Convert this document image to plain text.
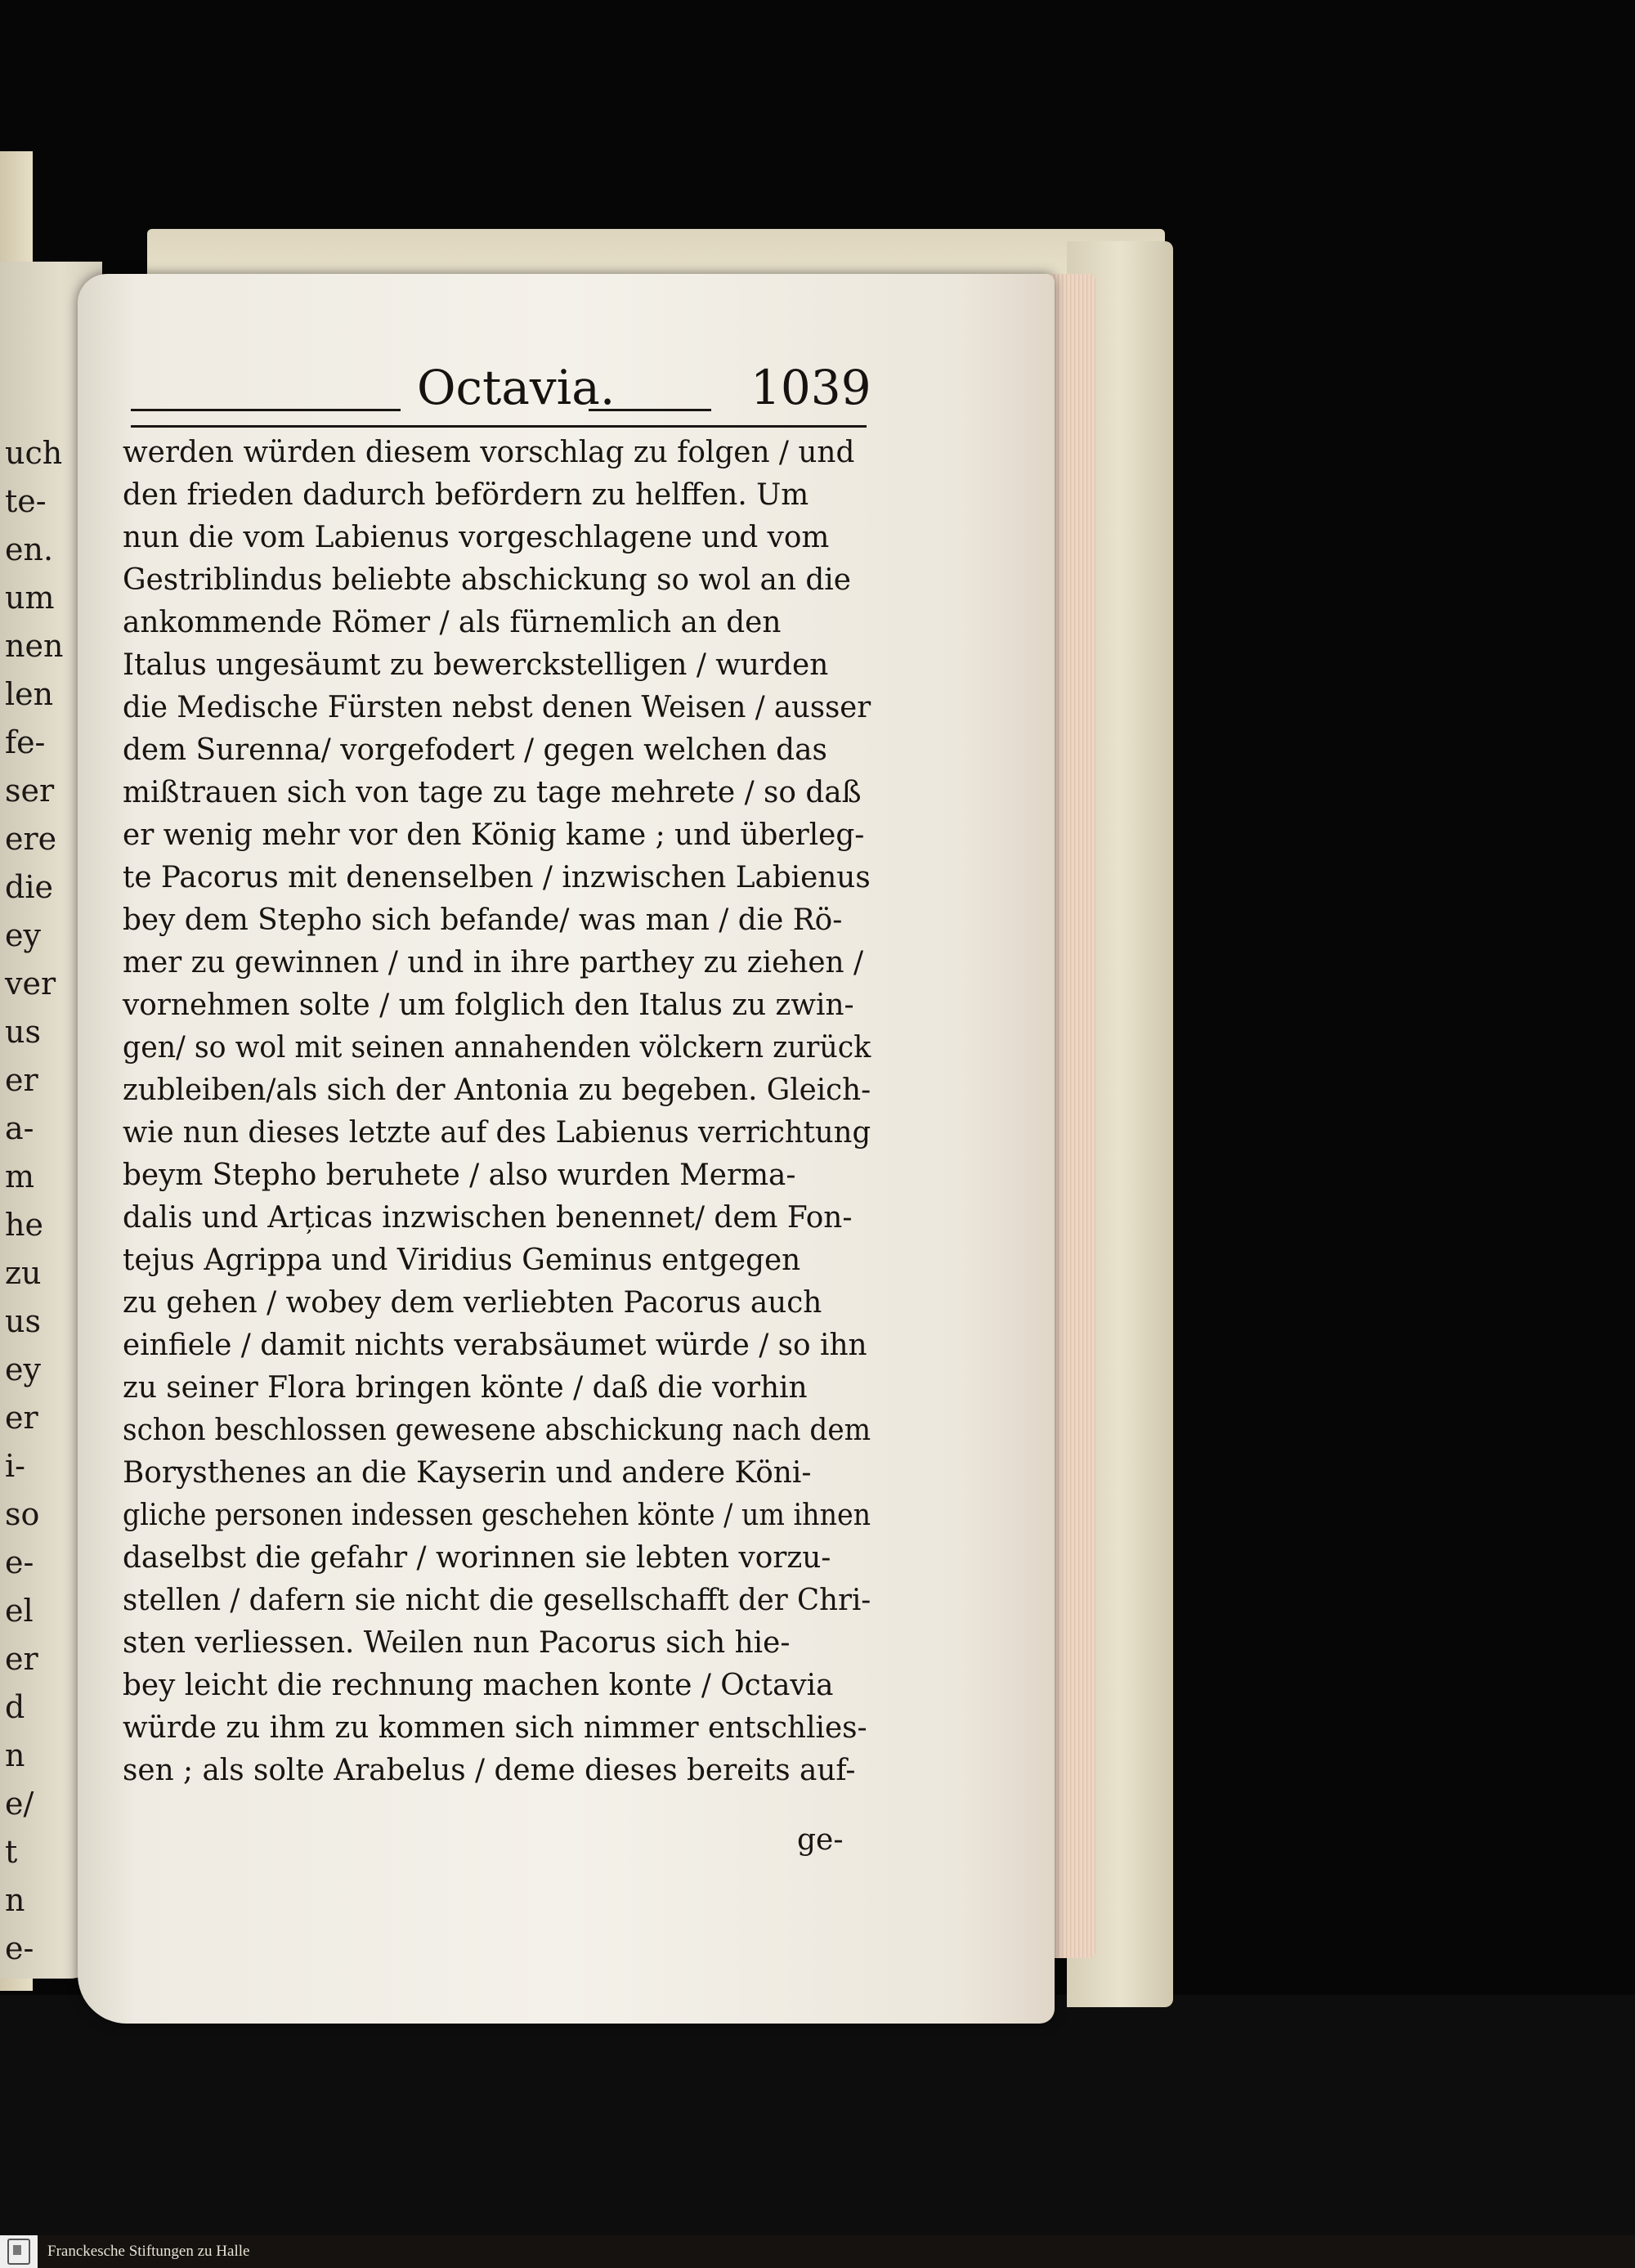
uch
te-
en.
um
nen
len
fe-
ser
ere
die
ey
ver
us
er
a-
m
he
zu
us
ey
er
i-
so
e-
el
er
d
n
e/
t
n
e-
Octavia.	1039
werden würden diesem vorschlag zu folgen / und
den frieden dadurch befördern zu helffen. Um
nun die vom Labienus vorgeschlagene und vom
Gestriblindus beliebte abschickung so wol an die
ankommende Römer / als fürnemlich an den
Italus ungesäumt zu bewerckstelligen / wurden
die Medische Fürsten nebst denen Weisen / ausser
dem Surenna/ vorgefodert / gegen welchen das
mißtrauen sich von tage zu tage mehrete / so daß
er wenig mehr vor den König kame ; und überleg-
te Pacorus mit denenselben / inzwischen Labienus
bey dem Stepho sich befande/ was man / die Rö-
mer zu gewinnen / und in ihre parthey zu ziehen /
vornehmen solte / um folglich den Italus zu zwin-
gen/ so wol mit seinen annahenden völckern zurück
zubleiben/als sich der Antonia zu begeben. Gleich-
wie nun dieses letzte auf des Labienus verrichtung
beym Stepho beruhete / also wurden Merma-
dalis und Arțicas inzwischen benennet/ dem Fon-
tejus Agrippa und Viridius Geminus entgegen
zu gehen / wobey dem verliebten Pacorus auch
einfiele / damit nichts verabsäumet würde / so ihn
zu seiner Flora bringen könte / daß die vorhin
schon beschlossen gewesene abschickung nach dem
Borysthenes an die Kayserin und andere Köni-
gliche personen indessen geschehen könte / um ihnen
daselbst die gefahr / worinnen sie lebten vorzu-
stellen / dafern sie nicht die gesellschafft der Chri-
sten verliessen. Weilen nun Pacorus sich hie-
bey leicht die rechnung machen konte / Octavia
würde zu ihm zu kommen sich nimmer entschlies-
sen ; als solte Arabelus / deme dieses bereits auf-
ge-
Franckesche Stiftungen zu Halle
